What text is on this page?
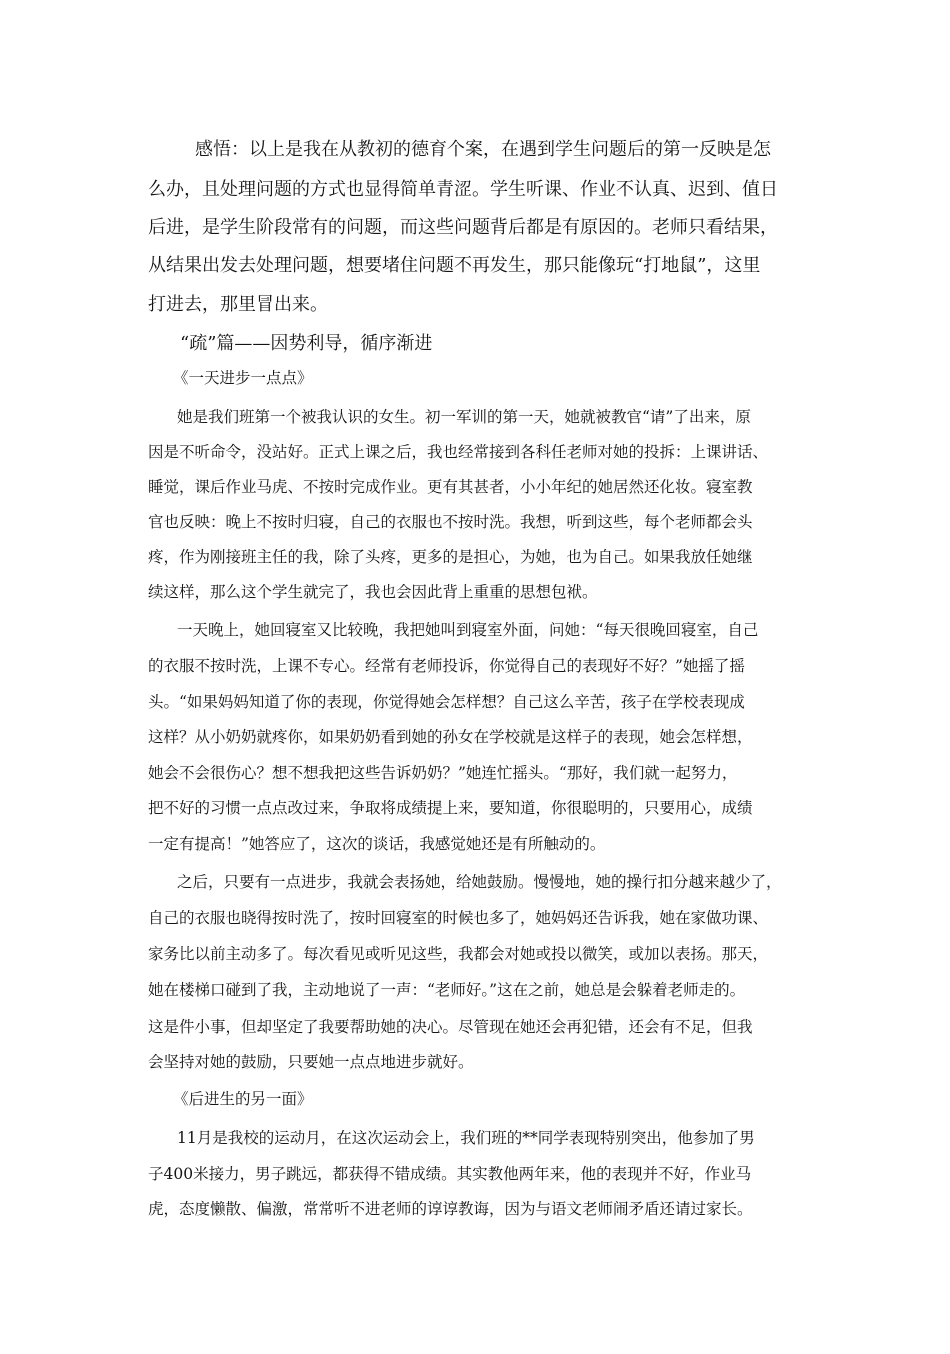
感悟：以上是我在从教初的德育个案，在遇到学生问题后的第一反映是怎
么办，且处理问题的方式也显得简单青涩。学生听课、作业不认真、迟到、值日
后进，是学生阶段常有的问题，而这些问题背后都是有原因的。老师只看结果，
从结果出发去处理问题，想要堵住问题不再发生，那只能像玩“打地鼠”，这里
打进去，那里冒出来。
“疏”篇——因势利导，循序渐进
《一天进步一点点》
她是我们班第一个被我认识的女生。初一军训的第一天，她就被教官“请”了出来，原
因是不听命令，没站好。正式上课之后，我也经常接到各科任老师对她的投拆：上课讲话、
睡觉，课后作业马虎、不按时完成作业。更有其甚者，小小年纪的她居然还化妆。寝室教
官也反映：晚上不按时归寝，自己的衣服也不按时洗。我想，听到这些，每个老师都会头
疼，作为刚接班主任的我，除了头疼，更多的是担心，为她，也为自己。如果我放任她继
续这样，那么这个学生就完了，我也会因此背上重重的思想包袱。
一天晚上，她回寝室又比较晚，我把她叫到寝室外面，问她：“每天很晚回寝室，自己
的衣服不按时洗，上课不专心。经常有老师投诉，你觉得自己的表现好不好？”她摇了摇
头。“如果妈妈知道了你的表现，你觉得她会怎样想？自己这么辛苦，孩子在学校表现成
这样？从小奶奶就疼你，如果奶奶看到她的孙女在学校就是这样子的表现，她会怎样想，
她会不会很伤心？想不想我把这些告诉奶奶？”她连忙摇头。“那好，我们就一起努力，
把不好的习惯一点点改过来，争取将成绩提上来，要知道，你很聪明的，只要用心，成绩
一定有提高！”她答应了，这次的谈话，我感觉她还是有所触动的。
之后，只要有一点进步，我就会表扬她，给她鼓励。慢慢地，她的操行扣分越来越少了，
自己的衣服也晓得按时洗了，按时回寝室的时候也多了，她妈妈还告诉我，她在家做功课、
家务比以前主动多了。每次看见或听见这些，我都会对她或投以微笑，或加以表扬。那天，
她在楼梯口碰到了我，主动地说了一声：“老师好。”这在之前，她总是会躲着老师走的。
这是件小事，但却坚定了我要帮助她的决心。尽管现在她还会再犯错，还会有不足，但我
会坚持对她的鼓励，只要她一点点地进步就好。
《后进生的另一面》
11月是我校的运动月，在这次运动会上，我们班的**同学表现特别突出，他参加了男
子400米接力，男子跳远，都获得不错成绩。其实教他两年来，他的表现并不好，作业马
虎，态度懒散、偏激，常常听不进老师的谆谆教诲，因为与语文老师闹矛盾还请过家长。
